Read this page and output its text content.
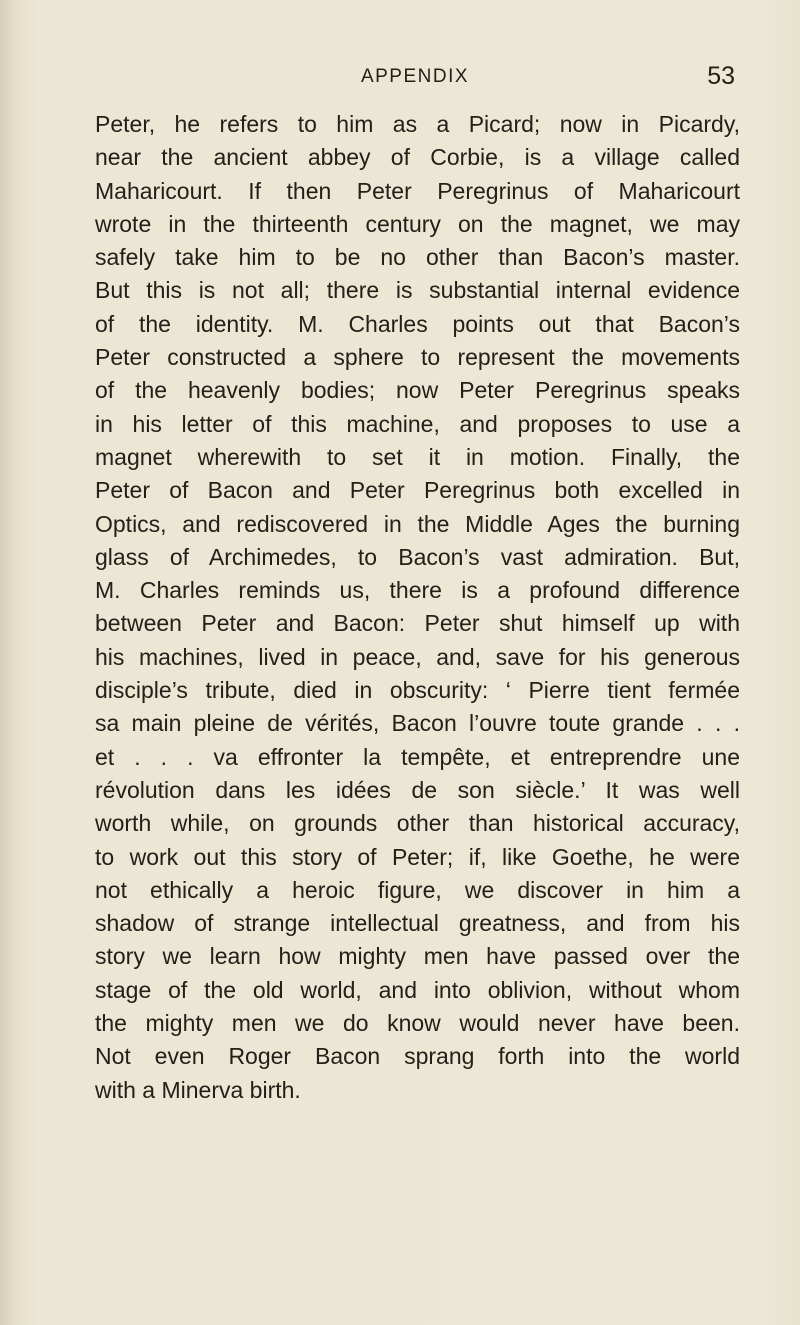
APPENDIX	53
Peter, he refers to him as a Picard; now in Picardy,
near the ancient abbey of Corbie, is a village called
Maharicourt. If then Peter Peregrinus of Maharicourt
wrote in the thirteenth century on the magnet, we may
safely take him to be no other than Bacon’s master.
But this is not all; there is substantial internal evidence
of the identity. M. Charles points out that Bacon’s
Peter constructed a sphere to represent the movements
of the heavenly bodies; now Peter Peregrinus speaks
in his letter of this machine, and proposes to use a
magnet wherewith to set it in motion. Finally, the
Peter of Bacon and Peter Peregrinus both excelled in
Optics, and rediscovered in the Middle Ages the burning
glass of Archimedes, to Bacon’s vast admiration. But,
M. Charles reminds us, there is a profound difference
between Peter and Bacon: Peter shut himself up with
his machines, lived in peace, and, save for his generous
disciple’s tribute, died in obscurity: ‘ Pierre tient fermée
sa main pleine de vérités, Bacon l’ouvre toute grande . . .
et . . . va effronter la tempête, et entreprendre une
révolution dans les idées de son siècle.’ It was well
worth while, on grounds other than historical accuracy,
to work out this story of Peter; if, like Goethe, he were
not ethically a heroic figure, we discover in him a
shadow of strange intellectual greatness, and from his
story we learn how mighty men have passed over the
stage of the old world, and into oblivion, without whom
the mighty men we do know would never have been.
Not even Roger Bacon sprang forth into the world
with a Minerva birth.
